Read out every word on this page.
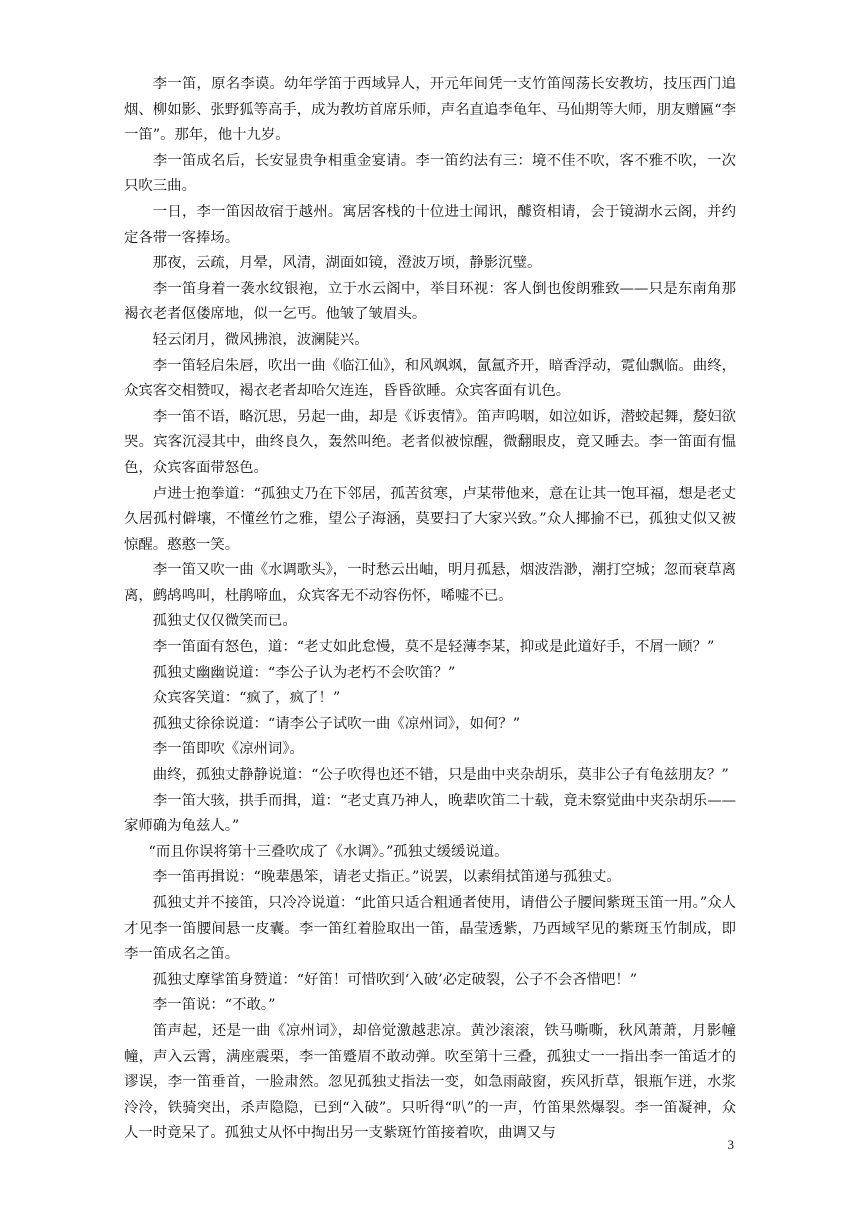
李一笛，原名李谟。幼年学笛于西域异人，开元年间凭一支竹笛闯荡长安教坊，技压西门追烟、柳如影、张野狐等高手，成为教坊首席乐师，声名直追李龟年、马仙期等大师，朋友赠匾“李一笛”。那年，他十九岁。

李一笛成名后，长安显贵争相重金宴请。李一笛约法有三：境不佳不吹，客不雅不吹，一次只吹三曲。

一日，李一笛因故宿于越州。寓居客栈的十位进士闻讯，醵资相请，会于镜湖水云阁，并约定各带一客捧场。

那夜，云疏，月晕，风清，湖面如镜，澄波万顷，静影沉璧。

李一笛身着一袭水纹银袍，立于水云阁中，举目环视：客人倒也俊朗雅致——只是东南角那褐衣老者伛偻席地，似一乞丐。他皱了皱眉头。

轻云闭月，微风拂浪，波澜陡兴。

李一笛轻启朱唇，吹出一曲《临江仙》，和风飒飒，氤氲齐开，暗香浮动，霓仙飘临。曲终，众宾客交相赞叹，褐衣老者却哈欠连连，昏昏欲睡。众宾客面有讥色。

李一笛不语，略沉思，另起一曲，却是《诉衷情》。笛声呜咽，如泣如诉，潜蛟起舞，嫠妇欲哭。宾客沉浸其中，曲终良久，轰然叫绝。老者似被惊醒，微翻眼皮，竟又睡去。李一笛面有愠色，众宾客面带怒色。

卢进士抱拳道：“孤独丈乃在下邻居，孤苦贫寒，卢某带他来，意在让其一饱耳福，想是老丈久居孤村僻壤，不懂丝竹之雅，望公子海涵，莫要扫了大家兴致。”众人揶揄不已，孤独丈似又被惊醒。憨憨一笑。

李一笛又吹一曲《水调歌头》，一时愁云出岫，明月孤悬，烟波浩渺，潮打空城；忽而衰草离离，鹧鸪鸣叫，杜鹃啼血，众宾客无不动容伤怀，唏嘘不已。

孤独丈仅仅微笑而已。

李一笛面有怒色，道：“老丈如此怠慢，莫不是轻薄李某，抑或是此道好手，不屑一顾？”

孤独丈幽幽说道：“李公子认为老朽不会吹笛？”

众宾客笑道：“疯了，疯了！”

孤独丈徐徐说道：“请李公子试吹一曲《凉州词》，如何？”

李一笛即吹《凉州词》。

曲终，孤独丈静静说道：“公子吹得也还不错，只是曲中夹杂胡乐，莫非公子有龟兹朋友？”

李一笛大骇，拱手而揖，道：“老丈真乃神人，晚辈吹笛二十载，竟未察觉曲中夹杂胡乐——家师确为龟兹人。”

“而且你误将第十三叠吹成了《水调》。”孤独丈缓缓说道。

李一笛再揖说：“晚辈愚笨，请老丈指正。”说罢，以素绢拭笛递与孤独丈。

孤独丈并不接笛，只冷冷说道：“此笛只适合粗通者使用，请借公子腰间紫斑玉笛一用。”众人才见李一笛腰间悬一皮囊。李一笛红着脸取出一笛，晶莹透紫，乃西域罕见的紫斑玉竹制成，即李一笛成名之笛。

孤独丈摩挲笛身赞道：“好笛！可惜吹到‘入破’必定破裂，公子不会吝惜吧！”

李一笛说：“不敢。”

笛声起，还是一曲《凉州词》，却倍觉激越悲凉。黄沙滚滚，铁马嘶嘶，秋风萧萧，月影幢幢，声入云霄，满座震栗，李一笛蹙眉不敢动弹。吹至第十三叠，孤独丈一一指出李一笛适才的谬误，李一笛垂首，一脸肃然。忽见孤独丈指法一变，如急雨敲窗，疾风折草，银瓶乍迸，水浆泠泠，铁骑突出，杀声隐隐，已到“入破”。只听得“叭”的一声，竹笛果然爆裂。李一笛凝神，众人一时竟呆了。孤独丈从怀中掏出另一支紫斑竹笛接着吹，曲调又与

3
